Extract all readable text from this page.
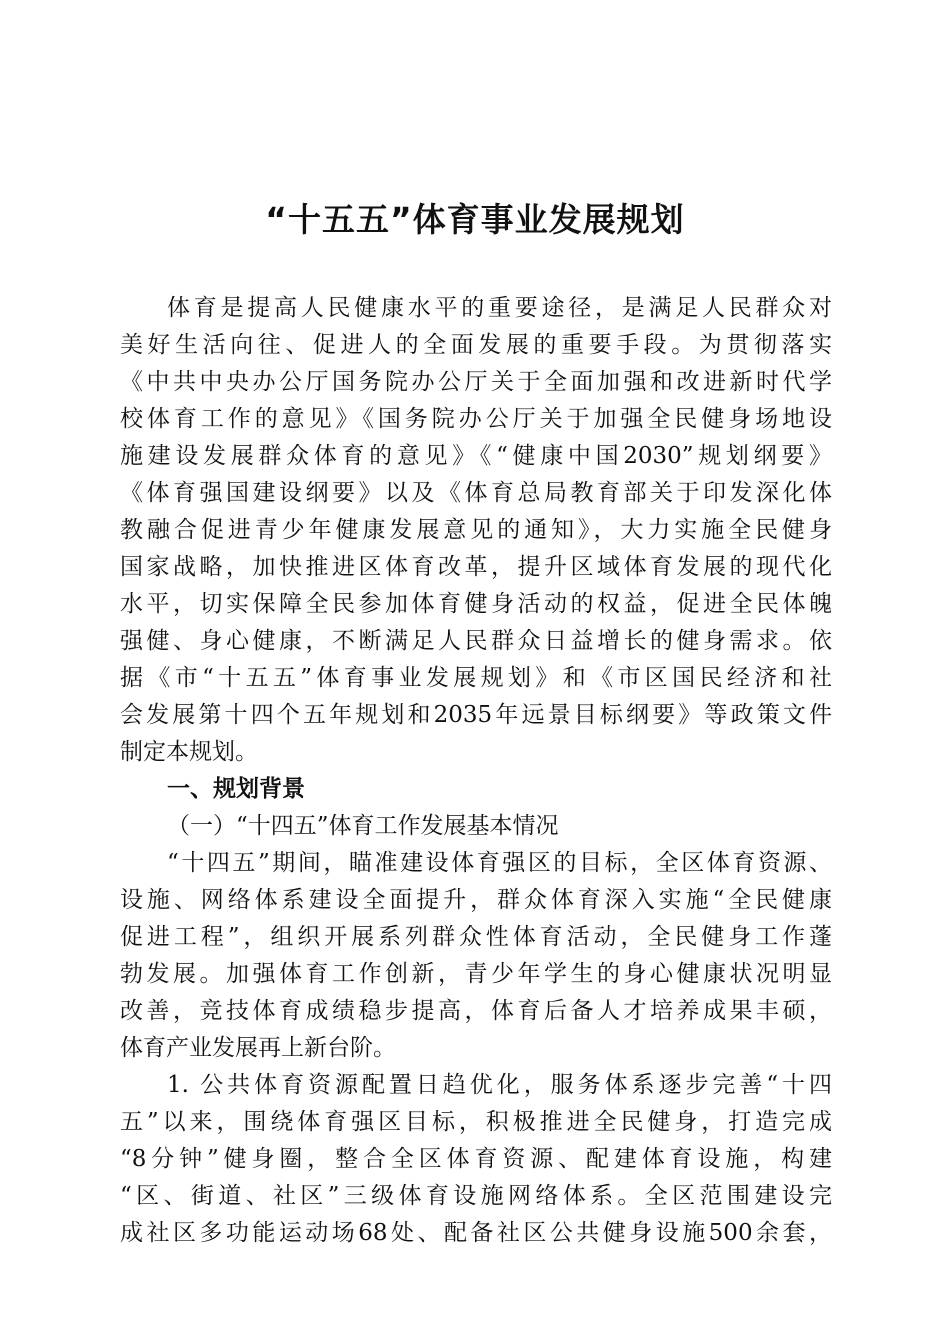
“十五五”体育事业发展规划
体育是提高人民健康水平的重要途径，是满足人民群众对
美好生活向往、促进人的全面发展的重要手段。为贯彻落实
《中共中央办公厅国务院办公厅关于全面加强和改进新时代学
校体育工作的意见》《国务院办公厅关于加强全民健身场地设
施建设发展群众体育的意见》《“健康中国2030”规划纲要》
《体育强国建设纲要》以及《体育总局教育部关于印发深化体
教融合促进青少年健康发展意见的通知》，大力实施全民健身
国家战略，加快推进区体育改革，提升区域体育发展的现代化
水平，切实保障全民参加体育健身活动的权益，促进全民体魄
强健、身心健康，不断满足人民群众日益增长的健身需求。依
据《市“十五五”体育事业发展规划》和《市区国民经济和社
会发展第十四个五年规划和2035年远景目标纲要》等政策文件
制定本规划。
一、规划背景
（一）“十四五”体育工作发展基本情况
“十四五”期间，瞄准建设体育强区的目标，全区体育资源、
设施、网络体系建设全面提升，群众体育深入实施“全民健康
促进工程”，组织开展系列群众性体育活动，全民健身工作蓬
勃发展。加强体育工作创新，青少年学生的身心健康状况明显
改善，竞技体育成绩稳步提高，体育后备人才培养成果丰硕，
体育产业发展再上新台阶。
1. 公共体育资源配置日趋优化，服务体系逐步完善“十四
五”以来，围绕体育强区目标，积极推进全民健身，打造完成
“8分钟”健身圈，整合全区体育资源、配建体育设施，构建
“区、街道、社区”三级体育设施网络体系。全区范围建设完
成社区多功能运动场68处、配备社区公共健身设施500余套，
